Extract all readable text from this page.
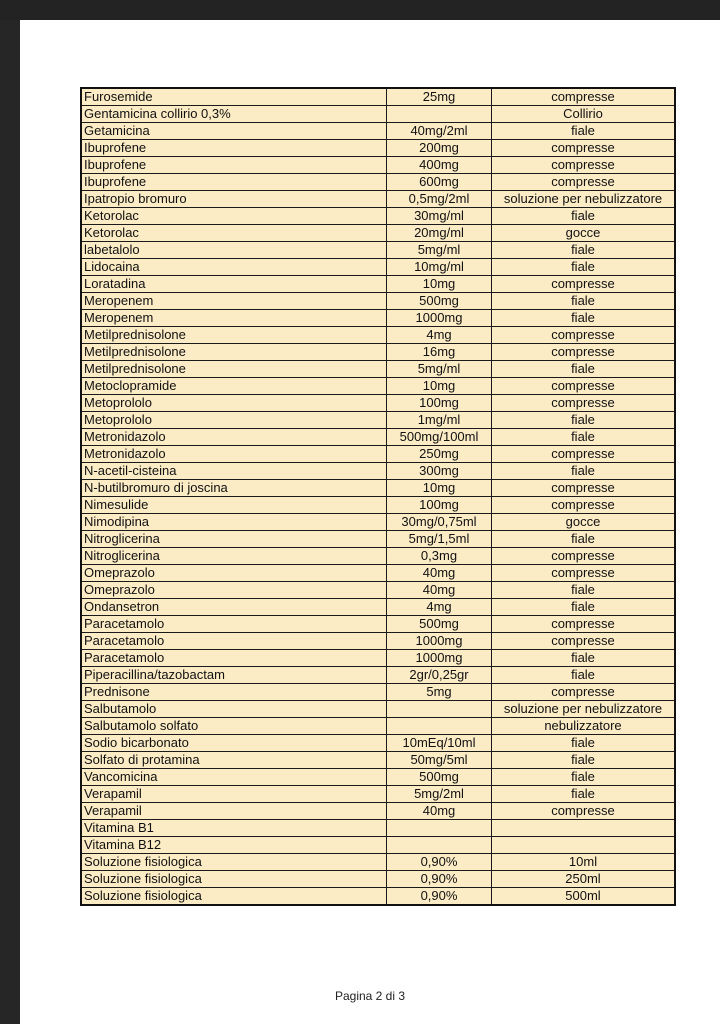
Furosemide	25mg	compresse
Gentamicina collirio 0,3%		Collirio
Getamicina	40mg/2ml	fiale
Ibuprofene	200mg	compresse
Ibuprofene	400mg	compresse
Ibuprofene	600mg	compresse
Ipatropio bromuro	0,5mg/2ml	soluzione per nebulizzatore
Ketorolac	30mg/ml	fiale
Ketorolac	20mg/ml	gocce
labetalolo	5mg/ml	fiale
Lidocaina	10mg/ml	fiale
Loratadina	10mg	compresse
Meropenem	500mg	fiale
Meropenem	1000mg	fiale
Metilprednisolone	4mg	compresse
Metilprednisolone	16mg	compresse
Metilprednisolone	5mg/ml	fiale
Metoclopramide	10mg	compresse
Metoprololo	100mg	compresse
Metoprololo	1mg/ml	fiale
Metronidazolo	500mg/100ml	fiale
Metronidazolo	250mg	compresse
N-acetil-cisteina	300mg	fiale
N-butilbromuro di joscina	10mg	compresse
Nimesulide	100mg	compresse
Nimodipina	30mg/0,75ml	gocce
Nitroglicerina	5mg/1,5ml	fiale
Nitroglicerina	0,3mg	compresse
Omeprazolo	40mg	compresse
Omeprazolo	40mg	fiale
Ondansetron	4mg	fiale
Paracetamolo	500mg	compresse
Paracetamolo	1000mg	compresse
Paracetamolo	1000mg	fiale
Piperacillina/tazobactam	2gr/0,25gr	fiale
Prednisone	5mg	compresse
Salbutamolo		soluzione per nebulizzatore
Salbutamolo solfato		nebulizzatore
Sodio bicarbonato	10mEq/10ml	fiale
Solfato di protamina	50mg/5ml	fiale
Vancomicina	500mg	fiale
Verapamil	5mg/2ml	fiale
Verapamil	40mg	compresse
Vitamina B1		
Vitamina B12		
Soluzione fisiologica	0,90%	10ml
Soluzione fisiologica	0,90%	250ml
Soluzione fisiologica	0,90%	500ml
Pagina 2 di 3
